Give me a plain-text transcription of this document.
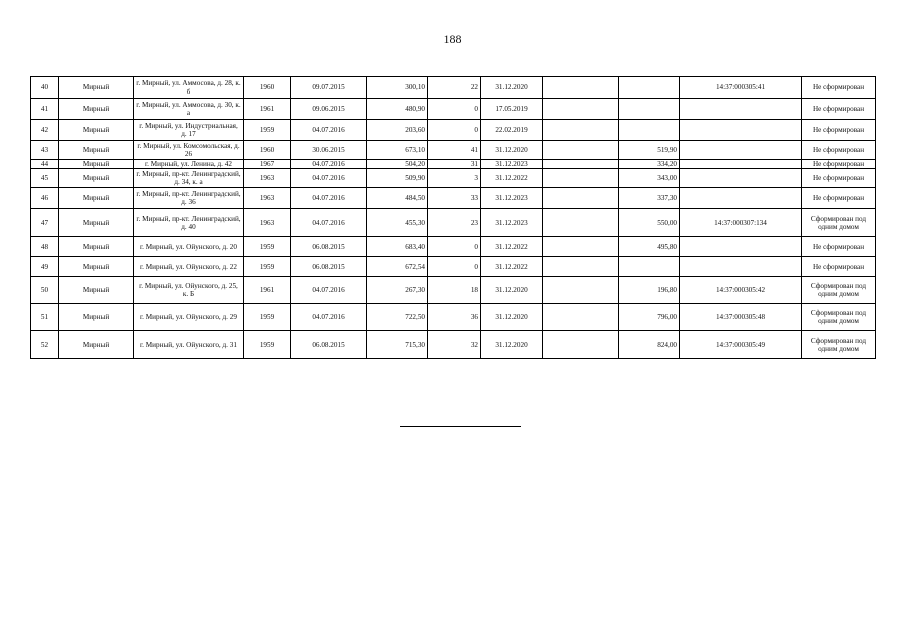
188
40	Мирный	г. Мирный, ул. Аммосова, д. 28, к. б	1960	09.07.2015	300,10	22	31.12.2020			14:37:000305:41	Не сформирован
41	Мирный	г. Мирный, ул. Аммосова, д. 30, к. а	1961	09.06.2015	480,90	0	17.05.2019				Не сформирован
42	Мирный	г. Мирный, ул. Индустриальная, д. 17	1959	04.07.2016	203,60	0	22.02.2019				Не сформирован
43	Мирный	г. Мирный, ул. Комсомольская, д. 26	1960	30.06.2015	673,10	41	31.12.2020		519,90		Не сформирован
44	Мирный	г. Мирный, ул. Ленина, д. 42	1967	04.07.2016	504,20	31	31.12.2023		334,20		Не сформирован
45	Мирный	г. Мирный, пр-кт. Ленинградский, д. 34, к. а	1963	04.07.2016	509,90	3	31.12.2022		343,00		Не сформирован
46	Мирный	г. Мирный, пр-кт. Ленинградский, д. 36	1963	04.07.2016	484,50	33	31.12.2023		337,30		Не сформирован
47	Мирный	г. Мирный, пр-кт. Ленинградский, д. 40	1963	04.07.2016	455,30	23	31.12.2023		550,00	14:37:000307:134	Сформирован под одним домом
48	Мирный	г. Мирный, ул. Ойунского, д. 20	1959	06.08.2015	683,40	0	31.12.2022		495,80		Не сформирован
49	Мирный	г. Мирный, ул. Ойунского, д. 22	1959	06.08.2015	672,54	0	31.12.2022				Не сформирован
50	Мирный	г. Мирный, ул. Ойунского, д. 25, к. Б	1961	04.07.2016	267,30	18	31.12.2020		196,80	14:37:000305:42	Сформирован под одним домом
51	Мирный	г. Мирный, ул. Ойунского, д. 29	1959	04.07.2016	722,50	36	31.12.2020		796,00	14:37:000305:48	Сформирован под одним домом
52	Мирный	г. Мирный, ул. Ойунского, д. 31	1959	06.08.2015	715,30	32	31.12.2020		824,00	14:37:000305:49	Сформирован под одним домом
